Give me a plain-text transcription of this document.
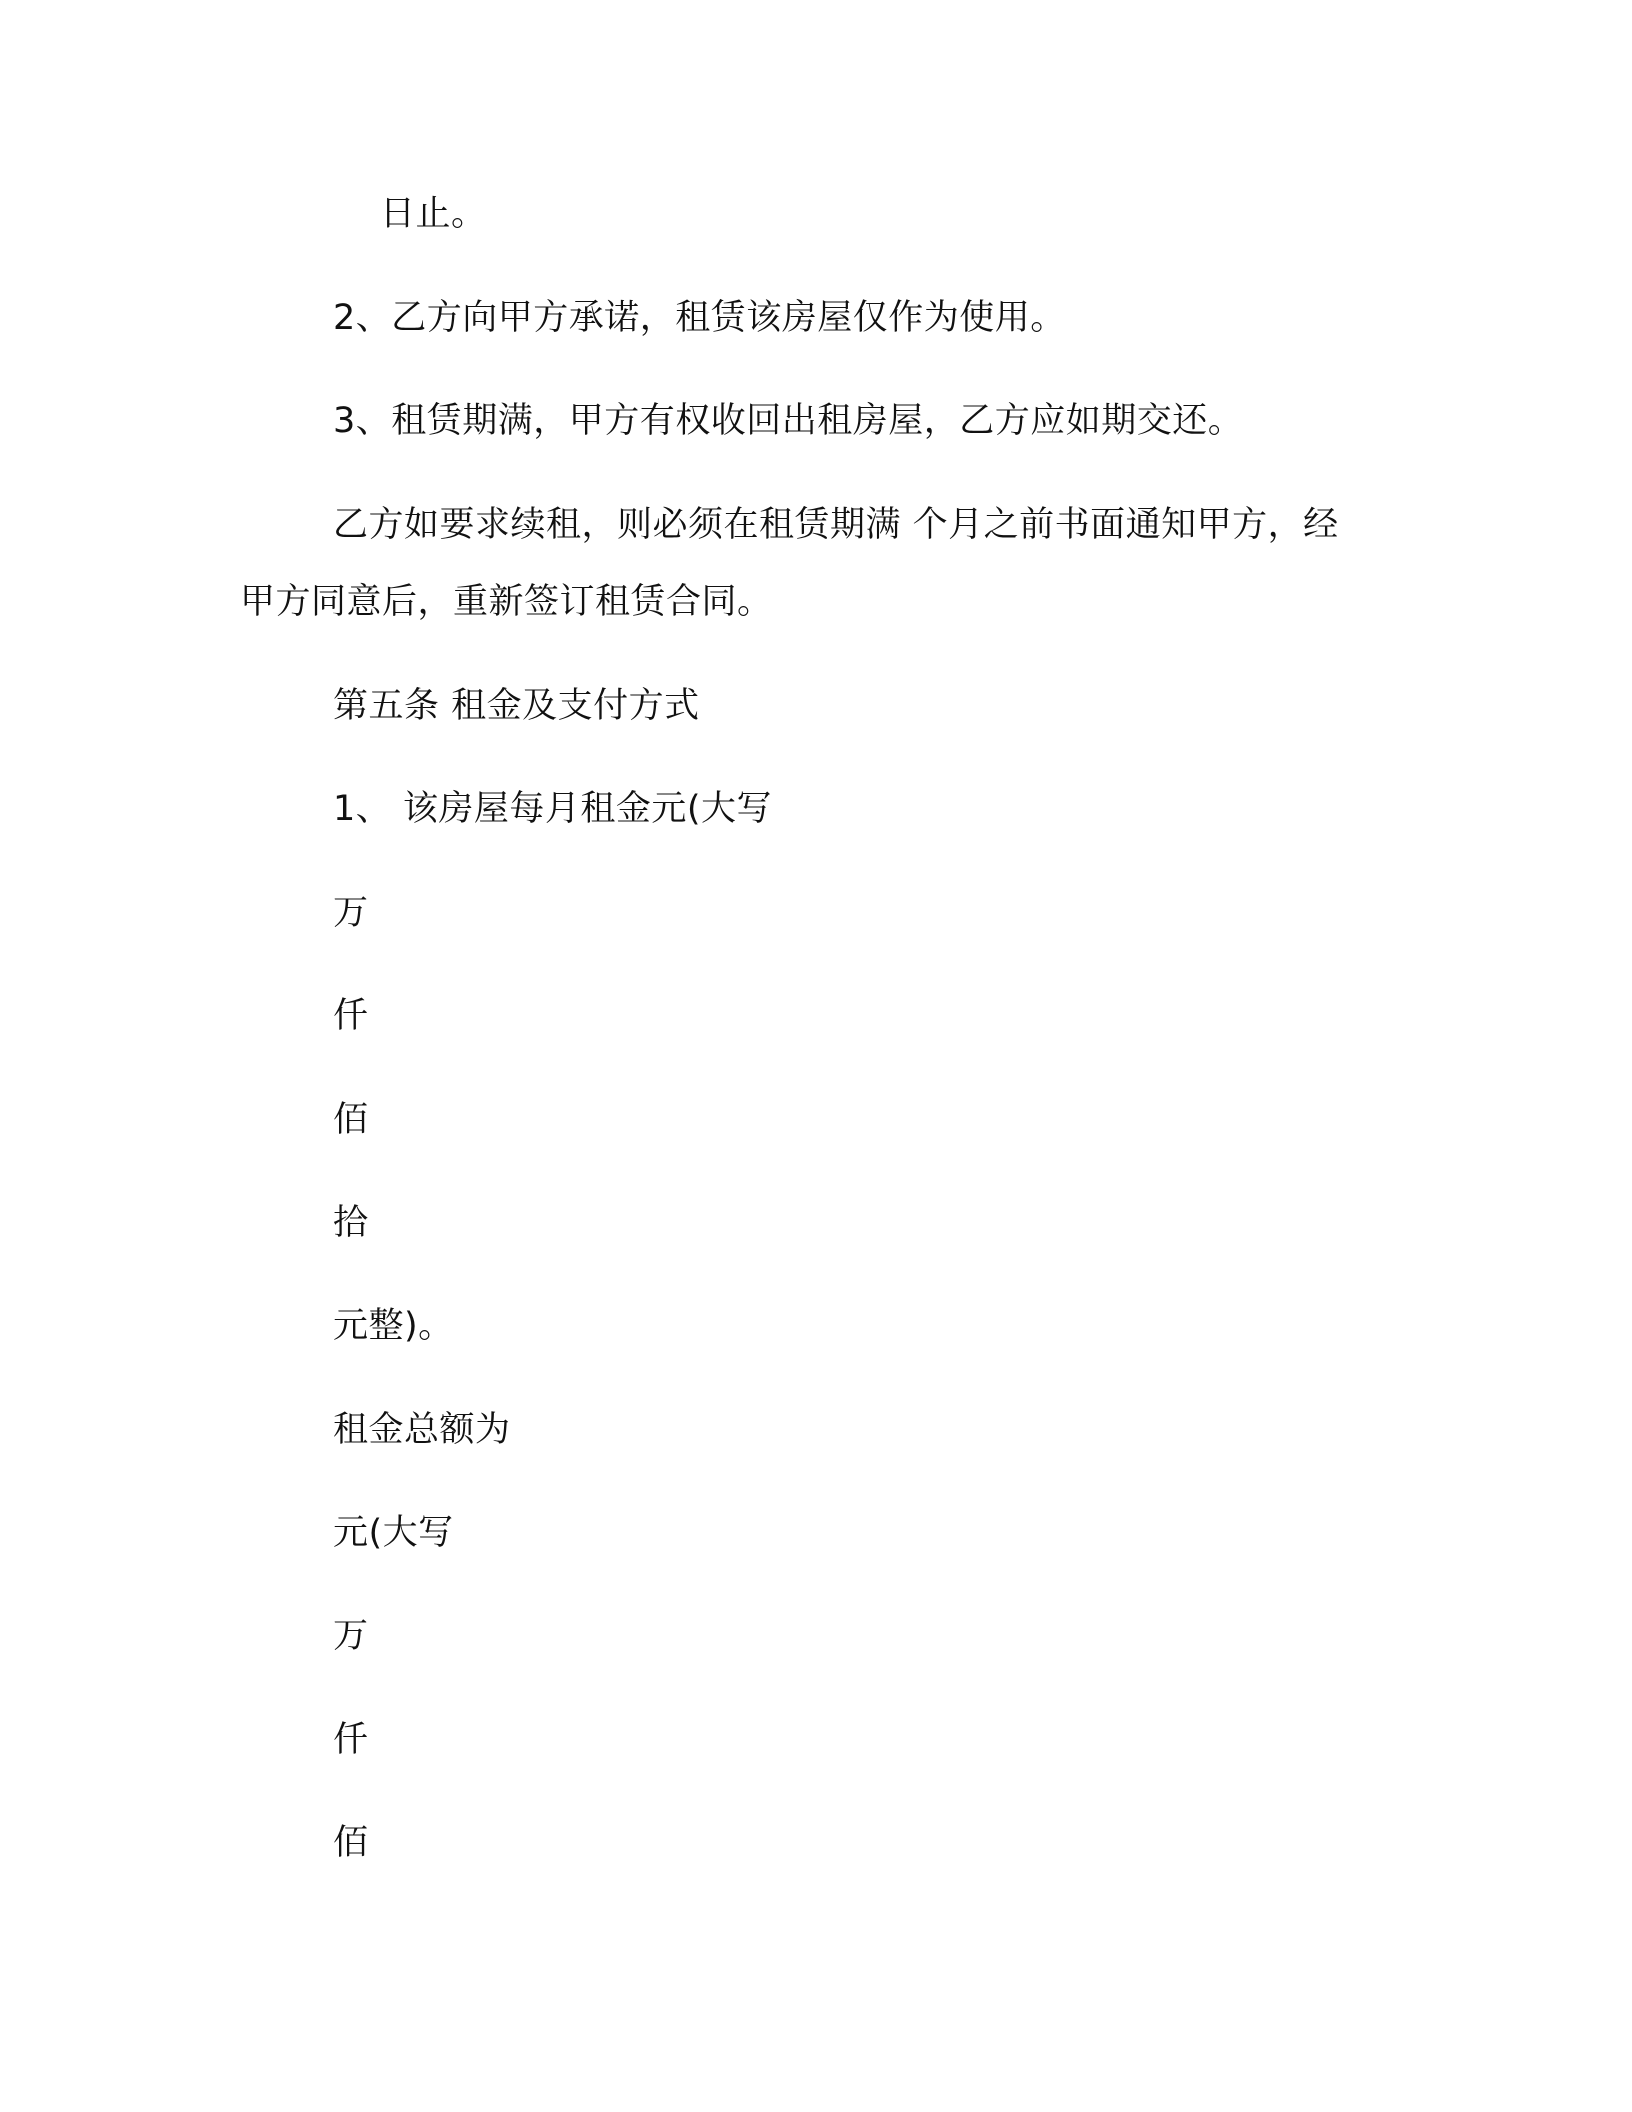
日止。
2、乙方向甲方承诺，租赁该房屋仅作为使用。
3、租赁期满，甲方有权收回出租房屋，乙方应如期交还。
乙方如要求续租，则必须在租赁期满 个月之前书面通知甲方，经
甲方同意后，重新签订租赁合同。
第五条 租金及支付方式
1、 该房屋每月租金元(大写
万
仟
佰
拾
元整)。
租金总额为
元(大写
万
仟
佰
